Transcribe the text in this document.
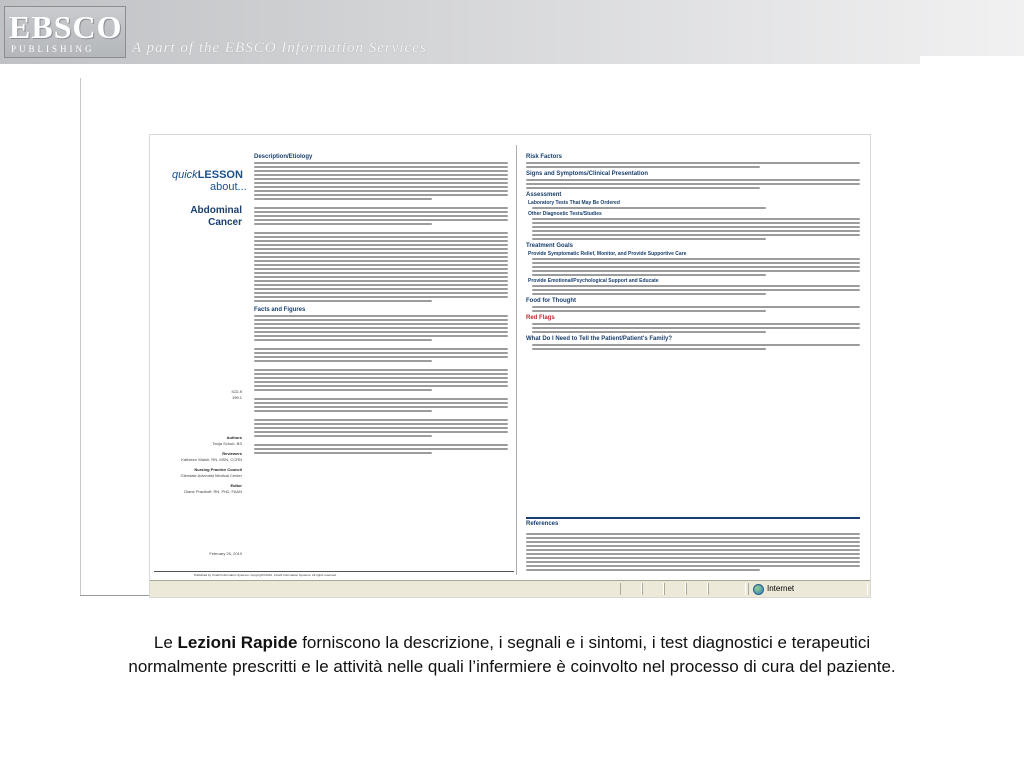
EBSCO
PUBLISHING A part of the EBSCO Information Services
quickLESSON
about...
Abdominal
Cancer
ICD-9
199.1
Authors
Tanja Schub, BS
Reviewers
Kathleen Walsh, RN, MSN, CCRN
Nursing Practice Council
Glendale Adventist Medical Center
Editor
Diane Pravikoff, RN, PhD, FAAN
February 26, 2010
Description/Etiology
Facts and Figures
Risk Factors
Signs and Symptoms/Clinical Presentation
Assessment
Laboratory Tests That May Be Ordered
Other Diagnostic Tests/Studies
Treatment Goals
Provide Symptomatic Relief, Monitor, and Provide Supportive Care
Provide Emotional/Psychological Support and Educate
Food for Thought
Red Flags
What Do I Need to Tell the Patient/Patient's Family?
References
Published by Cinahl Information Systems. Copyright©2010, Cinahl Information Systems. All rights reserved.
Internet
Le Lezioni Rapide forniscono la descrizione, i segnali e i sintomi, i test diagnostici e terapeutici
normalmente prescritti e le attività nelle quali l’infermiere è coinvolto nel processo di cura del paziente.
